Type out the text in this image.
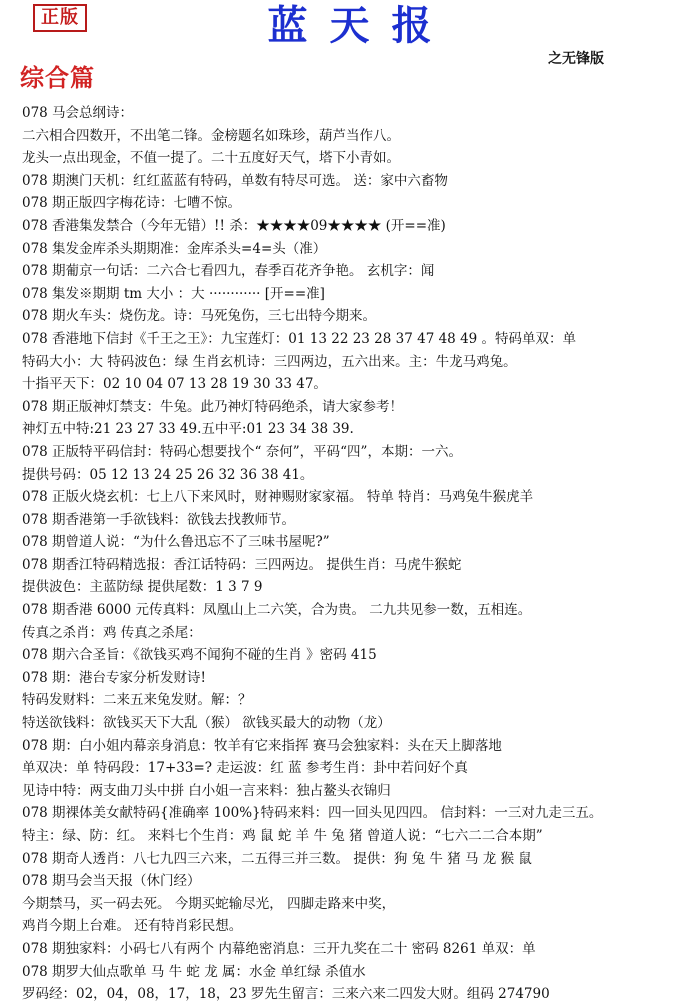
正版	蓝天报
之无锋版
综合篇
078 马会总纲诗：
二六相合四数开，不出笔二锋。金榜题名如珠珍，葫芦当作八。
龙头一点出现金，不值一提了。二十五度好天气，塔下小青如。
078 期澳门天机：红红蓝蓝有特码，单数有特尽可选。 送：家中六畜物
078 期正版四字梅花诗：七嘈不惊。
078 香港集发禁合（今年无错）!! 杀：★★★★09★★★★ (开==准)
078 集发金库杀头期期准：金库杀头=4=头（准）
078 期葡京一句话：二六合七看四九，春季百花齐争艳。 玄机字：闻
078 集发※期期 tm 大小 ：大 ············ [开==准]
078 期火车头：烧伤龙。诗：马死兔伤，三七出特今期来。
078 香港地下信封《千王之王》：九宝莲灯：01 13 22 23 28 37 47 48 49 。特码单双：单
特码大小：大 特码波色：绿 生肖玄机诗：三四两边，五六出来。主：牛龙马鸡兔。
十指平天下：02 10 04 07 13 28 19 30 33 47。
078 期正版神灯禁支：牛兔。此乃神灯特码绝杀，请大家参考！
神灯五中特:21 23 27 33 49.五中平:01 23 34 38 39.
078 正版特平码信封：特码心想要找个“ 奈何”，平码“四”，本期：一六。
提供号码：05 12 13 24 25 26 32 36 38 41。
078 正版火烧玄机：七上八下来风时，财神赐财家家福。 特单 特肖：马鸡兔牛猴虎羊
078 期香港第一手欲钱料：欲钱去找教师节。
078 期曾道人说：“为什么鲁迅忘不了三味书屋呢?”
078 期香江特码精选报：香江话特码：三四两边。 提供生肖：马虎牛猴蛇
提供波色：主蓝防绿 提供尾数：1 3 7 9
078 期香港 6000 元传真料：凤凰山上二六笑，合为贵。 二九共见参一数，五相连。
传真之杀肖：鸡 传真之杀尾：
078 期六合圣旨：《欲钱买鸡不闻狗不碰的生肖 》密码 415
078 期：港台专家分析发财诗!
特码发财料：二来五来兔发财。解：？
特送欲钱料：欲钱买天下大乱（猴） 欲钱买最大的动物（龙）
078 期：白小姐内幕亲身消息：牧羊有它来指挥 赛马会独家料：头在天上脚落地
单双决：单 特码段：17+33=? 走运波：红 蓝 参考生肖：卦中若问好个真
见诗中特：两支曲刀头中拼 白小姐一言来料：独占鳌头衣锦归
078 期裸体美女献特码{准确率 100%}特码来料：四一回头见四四。 信封料：一三对九走三五。
特主：绿、防：红。 来料七个生肖：鸡 鼠 蛇 羊 牛 兔 猪 曾道人说：“七六二二合本期”
078 期奇人透肖：八七九四三六来，二五得三并三数。 提供：狗 兔 牛 猪 马 龙 猴 鼠
078 期马会当天报（休门经）
今期禁马，买一码去死。 今期买蛇输尽光， 四脚走路来中奖，
鸡肖今期上台难。 还有特肖彩民想。
078 期独家料：小码七八有两个 内幕绝密消息：三开九奖在二十 密码 8261 单双：单
078 期罗大仙点歌单 马 牛 蛇 龙 属：水金 单红绿 杀值水
罗码经：02，04，08，17，18，23 罗先生留言：三来六来二四发大财。组码 274790
